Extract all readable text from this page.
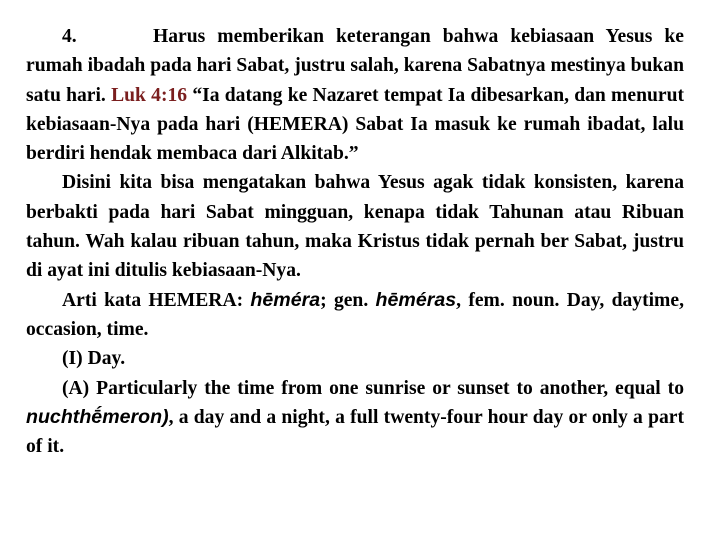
4.	Harus memberikan keterangan bahwa kebiasaan Yesus ke rumah ibadah pada hari Sabat, justru salah, karena Sabatnya mestinya bukan satu hari. Luk 4:16 “Ia datang ke Nazaret tempat Ia dibesarkan, dan menurut kebiasaan-Nya pada hari (HEMERA) Sabat Ia masuk ke rumah ibadat, lalu berdiri hendak membaca dari Alkitab.”

Disini kita bisa mengatakan bahwa Yesus agak tidak konsisten, karena berbakti pada hari Sabat mingguan, kenapa tidak Tahunan atau Ribuan tahun. Wah kalau ribuan tahun, maka Kristus tidak pernah ber Sabat, justru di ayat ini ditulis kebiasaan-Nya.

Arti kata HEMERA: hēméra; gen. hēméras, fem. noun. Day, daytime, occasion, time.

(I) Day.

(A) Particularly the time from one sunrise or sunset to another, equal to nuchthḗmeron), a day and a night, a full twenty-four hour day or only a part of it.
